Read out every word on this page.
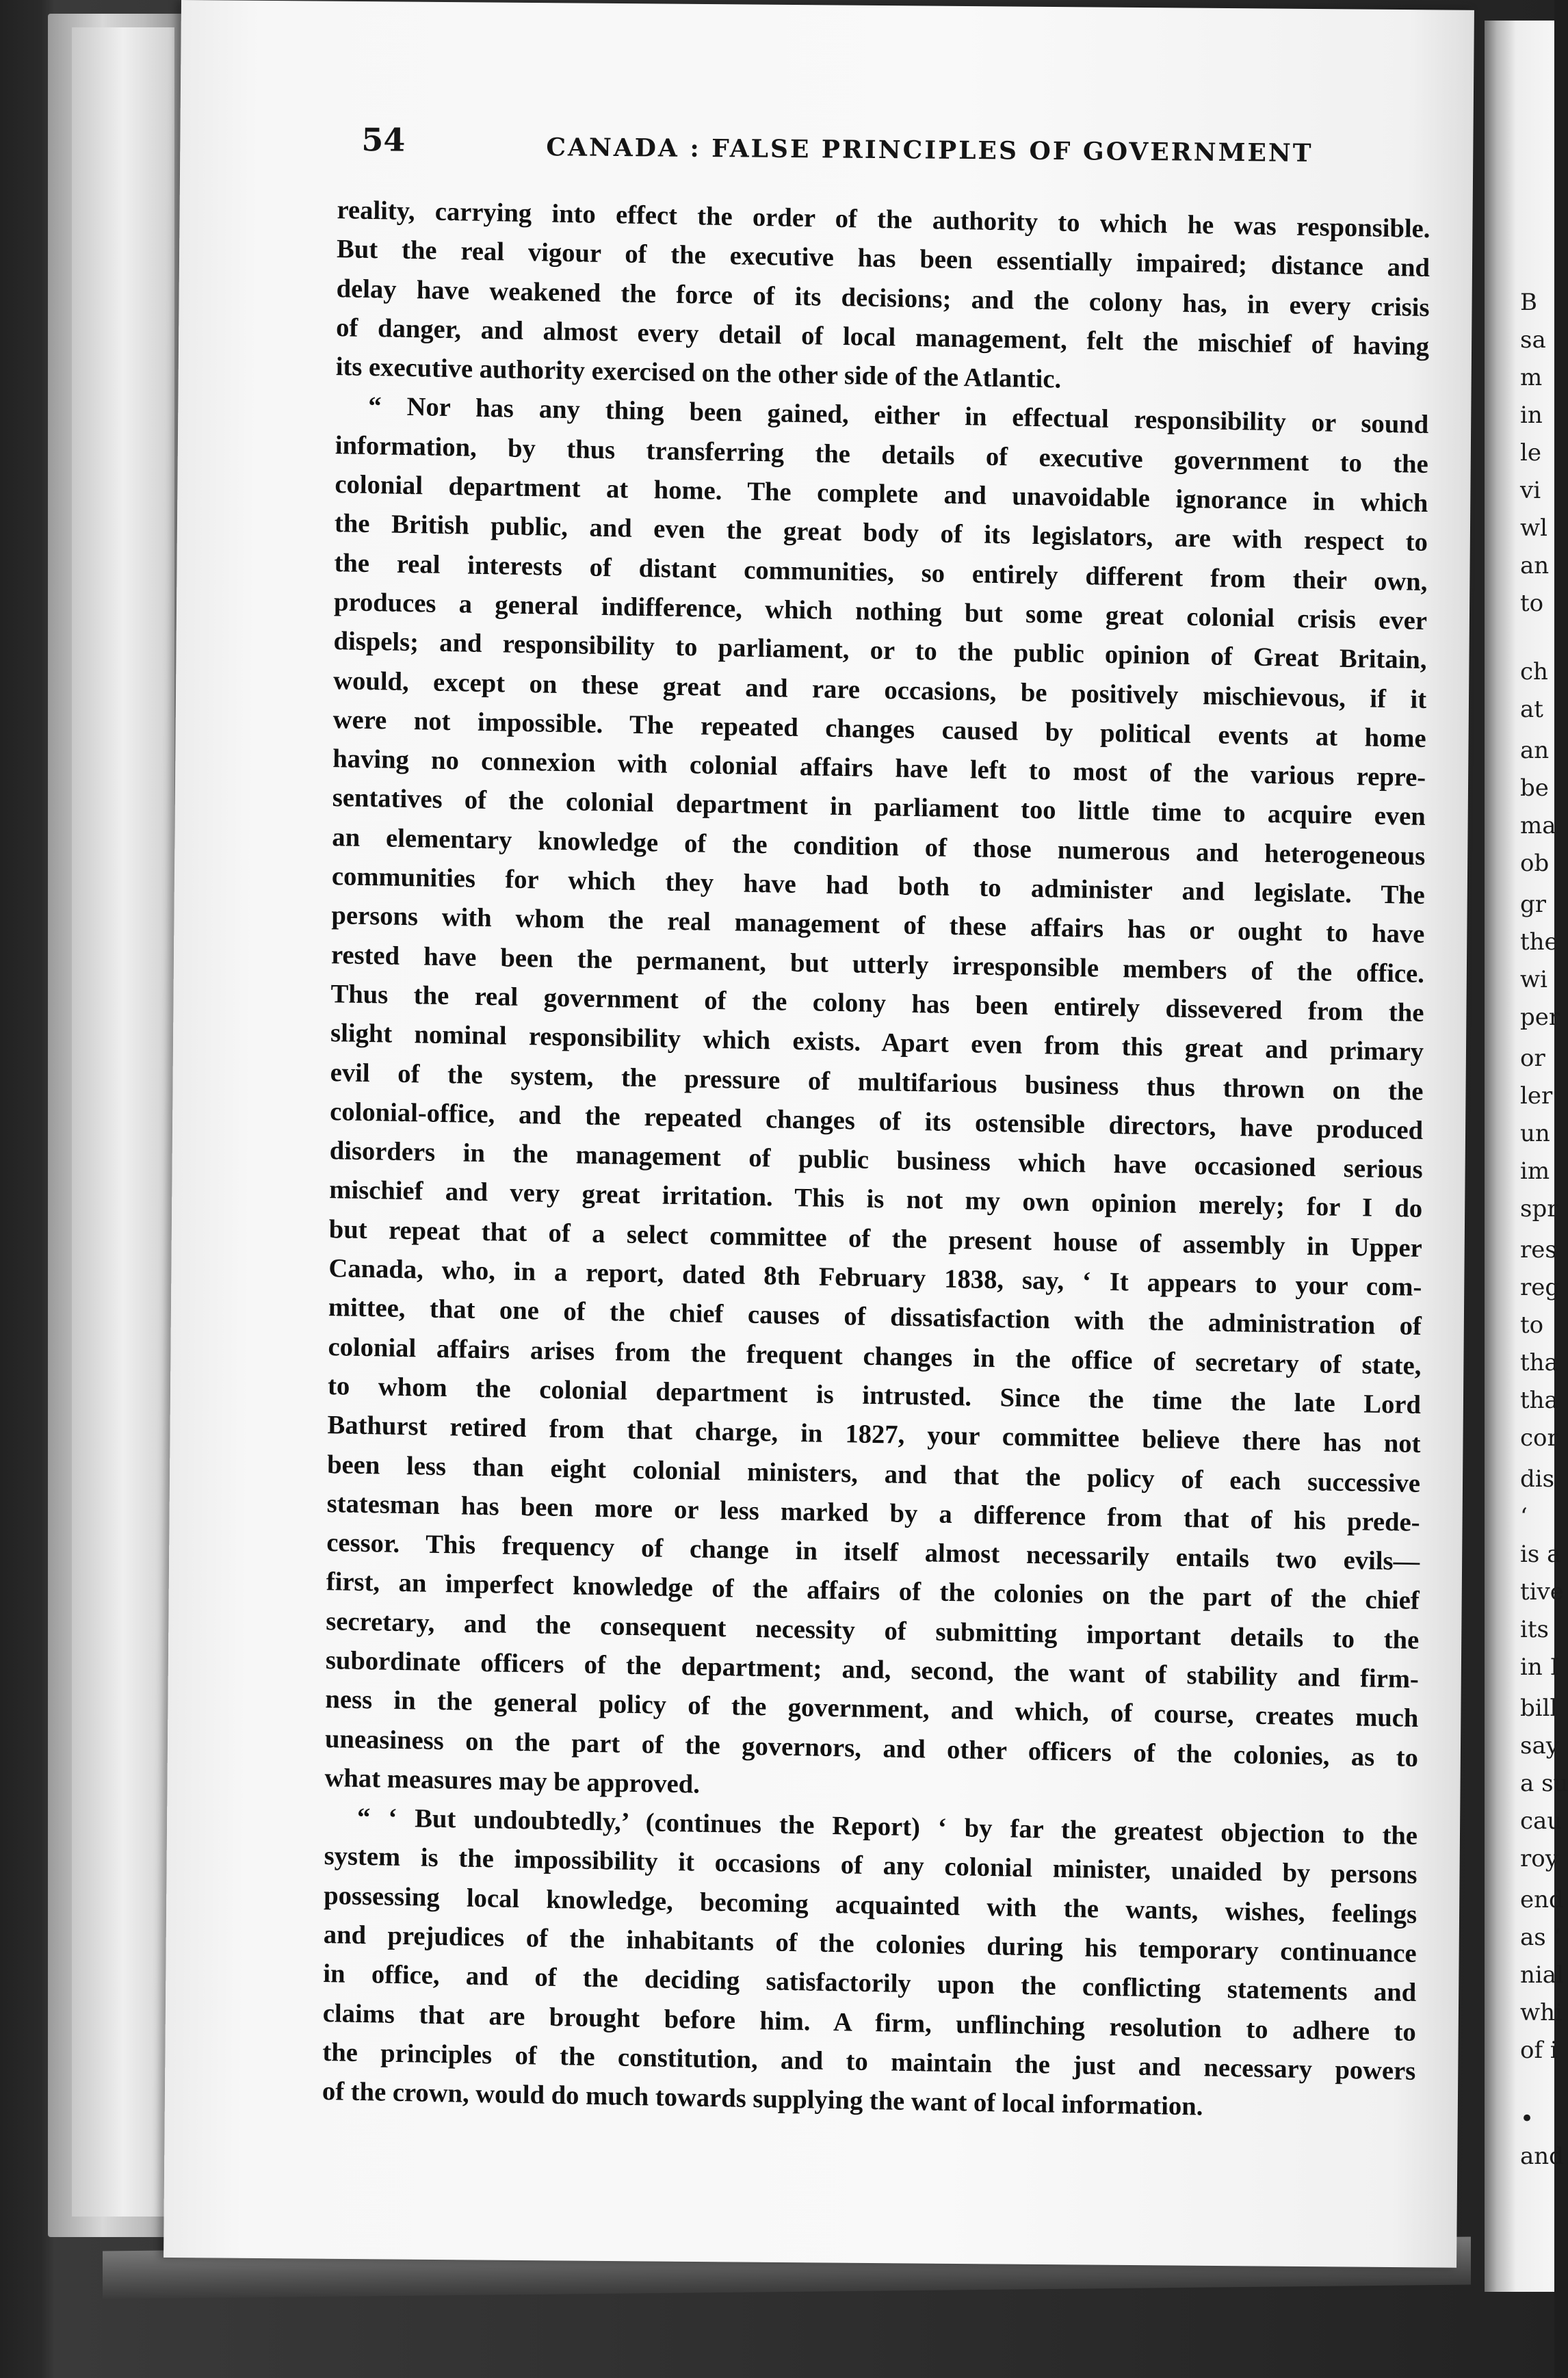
54	CANADA : FALSE PRINCIPLES OF GOVERNMENT
reality, carrying into effect the order of the authority to which he was responsible.
But the real vigour of the executive has been essentially impaired; distance and
delay have weakened the force of its decisions; and the colony has, in every crisis
of danger, and almost every detail of local management, felt the mischief of having
its executive authority exercised on the other side of the Atlantic.
“ Nor has any thing been gained, either in effectual responsibility or sound
information, by thus transferring the details of executive government to the
colonial department at home. The complete and unavoidable ignorance in which
the British public, and even the great body of its legislators, are with respect to
the real interests of distant communities, so entirely different from their own,
produces a general indifference, which nothing but some great colonial crisis ever
dispels; and responsibility to parliament, or to the public opinion of Great Britain,
would, except on these great and rare occasions, be positively mischievous, if it
were not impossible. The repeated changes caused by political events at home
having no connexion with colonial affairs have left to most of the various repre-
sentatives of the colonial department in parliament too little time to acquire even
an elementary knowledge of the condition of those numerous and heterogeneous
communities for which they have had both to administer and legislate. The
persons with whom the real management of these affairs has or ought to have
rested have been the permanent, but utterly irresponsible members of the office.
Thus the real government of the colony has been entirely dissevered from the
slight nominal responsibility which exists. Apart even from this great and primary
evil of the system, the pressure of multifarious business thus thrown on the
colonial-office, and the repeated changes of its ostensible directors, have produced
disorders in the management of public business which have occasioned serious
mischief and very great irritation. This is not my own opinion merely; for I do
but repeat that of a select committee of the present house of assembly in Upper
Canada, who, in a report, dated 8th February 1838, say, ‘ It appears to your com-
mittee, that one of the chief causes of dissatisfaction with the administration of
colonial affairs arises from the frequent changes in the office of secretary of state,
to whom the colonial department is intrusted. Since the time the late Lord
Bathurst retired from that charge, in 1827, your committee believe there has not
been less than eight colonial ministers, and that the policy of each successive
statesman has been more or less marked by a difference from that of his prede-
cessor. This frequency of change in itself almost necessarily entails two evils—
first, an imperfect knowledge of the affairs of the colonies on the part of the chief
secretary, and the consequent necessity of submitting important details to the
subordinate officers of the department; and, second, the want of stability and firm-
ness in the general policy of the government, and which, of course, creates much
uneasiness on the part of the governors, and other officers of the colonies, as to
what measures may be approved.
“ ‘ But undoubtedly,’ (continues the Report) ‘ by far the greatest objection to the
system is the impossibility it occasions of any colonial minister, unaided by persons
possessing local knowledge, becoming acquainted with the wants, wishes, feelings
and prejudices of the inhabitants of the colonies during his temporary continuance
in office, and of the deciding satisfactorily upon the conflicting statements and
claims that are brought before him. A firm, unflinching resolution to adhere to
the principles of the constitution, and to maintain the just and necessary powers
of the crown, would do much towards supplying the want of local information.
B
sa
m
in
le
vi
wl
an
to
ch
at
an
be
ma
ob
gr
the
wi
per
or
ler
un
im
spr
res
reg
to
tha
tha
cor
dis
‘
is a
tive
its
in I
bill
say
a su
cau
roy
end
as ‘
nial
whi
of i
•
and
